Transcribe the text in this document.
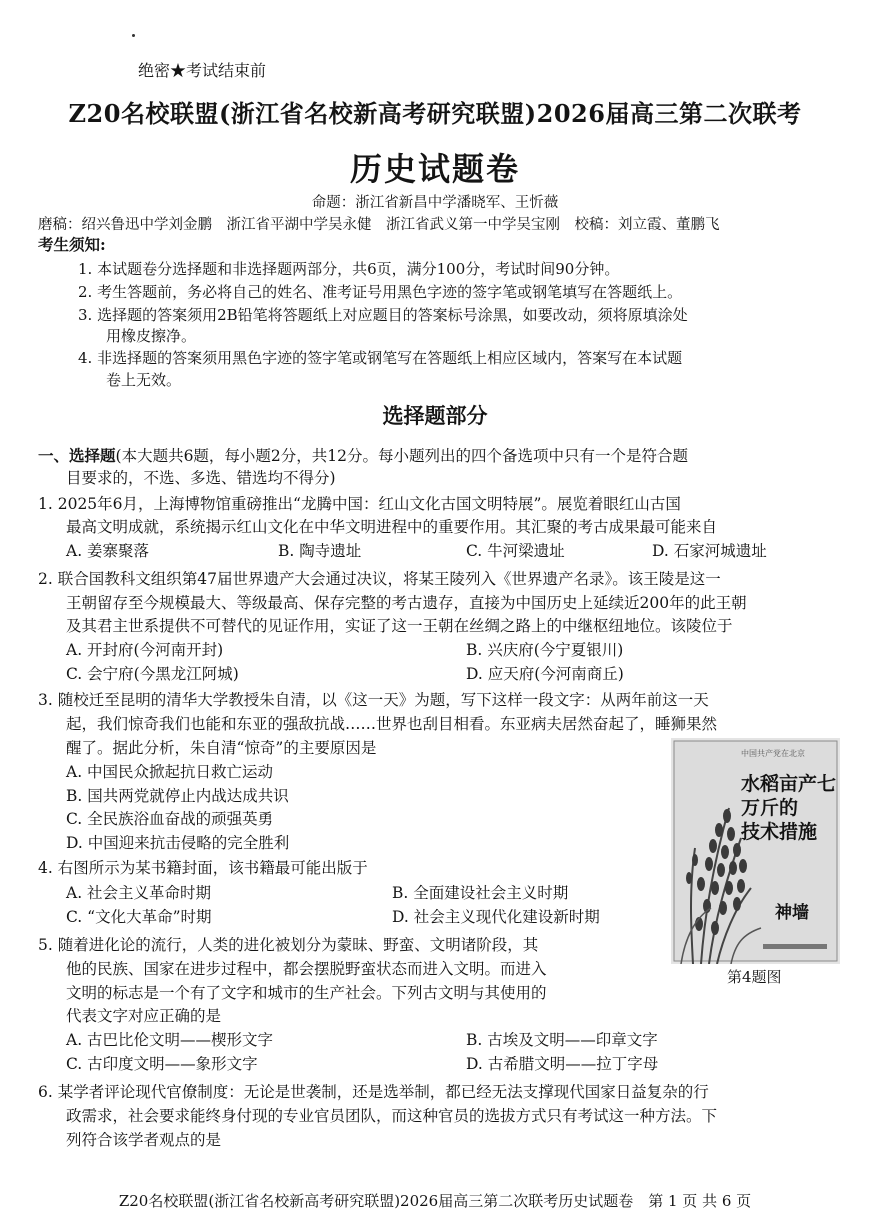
绝密★考试结束前
Z20名校联盟(浙江省名校新高考研究联盟)2026届高三第二次联考
历史试题卷
命题：浙江省新昌中学潘晓军、王忻薇
磨稿：绍兴鲁迅中学刘金鹏　浙江省平湖中学吴永健　浙江省武义第一中学吴宝刚　校稿：刘立霞、董鹏飞
考生须知:
1. 本试题卷分选择题和非选择题两部分，共6页，满分100分，考试时间90分钟。
2. 考生答题前，务必将自己的姓名、准考证号用黑色字迹的签字笔或钢笔填写在答题纸上。
3. 选择题的答案须用2B铅笔将答题纸上对应题目的答案标号涂黑，如要改动，须将原填涂处
用橡皮擦净。
4. 非选择题的答案须用黑色字迹的签字笔或钢笔写在答题纸上相应区域内，答案写在本试题
卷上无效。
选择题部分
一、选择题(本大题共6题，每小题2分，共12分。每小题列出的四个备选项中只有一个是符合题
目要求的，不选、多选、错选均不得分)
1. 2025年6月，上海博物馆重磅推出“龙腾中国：红山文化古国文明特展”。展览着眼红山古国
最高文明成就，系统揭示红山文化在中华文明进程中的重要作用。其汇聚的考古成果最可能来自
A. 姜寨聚落	B. 陶寺遗址	C. 牛河梁遗址	D. 石家河城遗址
2. 联合国教科文组织第47届世界遗产大会通过决议，将某王陵列入《世界遗产名录》。该王陵是这一
王朝留存至今规模最大、等级最高、保存完整的考古遗存，直接为中国历史上延续近200年的此王朝
及其君主世系提供不可替代的见证作用，实证了这一王朝在丝绸之路上的中继枢纽地位。该陵位于
A. 开封府(今河南开封)	B. 兴庆府(今宁夏银川)
C. 会宁府(今黑龙江阿城)	D. 应天府(今河南商丘)
3. 随校迁至昆明的清华大学教授朱自清，以《这一天》为题，写下这样一段文字：从两年前这一天
起，我们惊奇我们也能和东亚的强敌抗战……世界也刮目相看。东亚病夫居然奋起了，睡狮果然
醒了。据此分析，朱自清“惊奇”的主要原因是
A. 中国民众掀起抗日救亡运动
B. 国共两党就停止内战达成共识
C. 全民族浴血奋战的顽强英勇
D. 中国迎来抗击侵略的完全胜利
4. 右图所示为某书籍封面，该书籍最可能出版于
A. 社会主义革命时期	B. 全面建设社会主义时期
C. “文化大革命”时期	D. 社会主义现代化建设新时期
5. 随着进化论的流行，人类的进化被划分为蒙昧、野蛮、文明诸阶段，其
他的民族、国家在进步过程中，都会摆脱野蛮状态而进入文明。而进入
文明的标志是一个有了文字和城市的生产社会。下列古文明与其使用的
代表文字对应正确的是
A. 古巴比伦文明——楔形文字	B. 古埃及文明——印章文字
C. 古印度文明——象形文字	D. 古希腊文明——拉丁字母
6. 某学者评论现代官僚制度：无论是世袭制，还是选举制，都已经无法支撑现代国家日益复杂的行
政需求，社会要求能终身付现的专业官员团队，而这种官员的选拔方式只有考试这一种方法。下
列符合该学者观点的是
中国共产党在北京
水稻亩产七万斤的
技术措施
神墙
第4题图
Z20名校联盟(浙江省名校新高考研究联盟)2026届高三第二次联考历史试题卷　第 1 页 共 6 页
